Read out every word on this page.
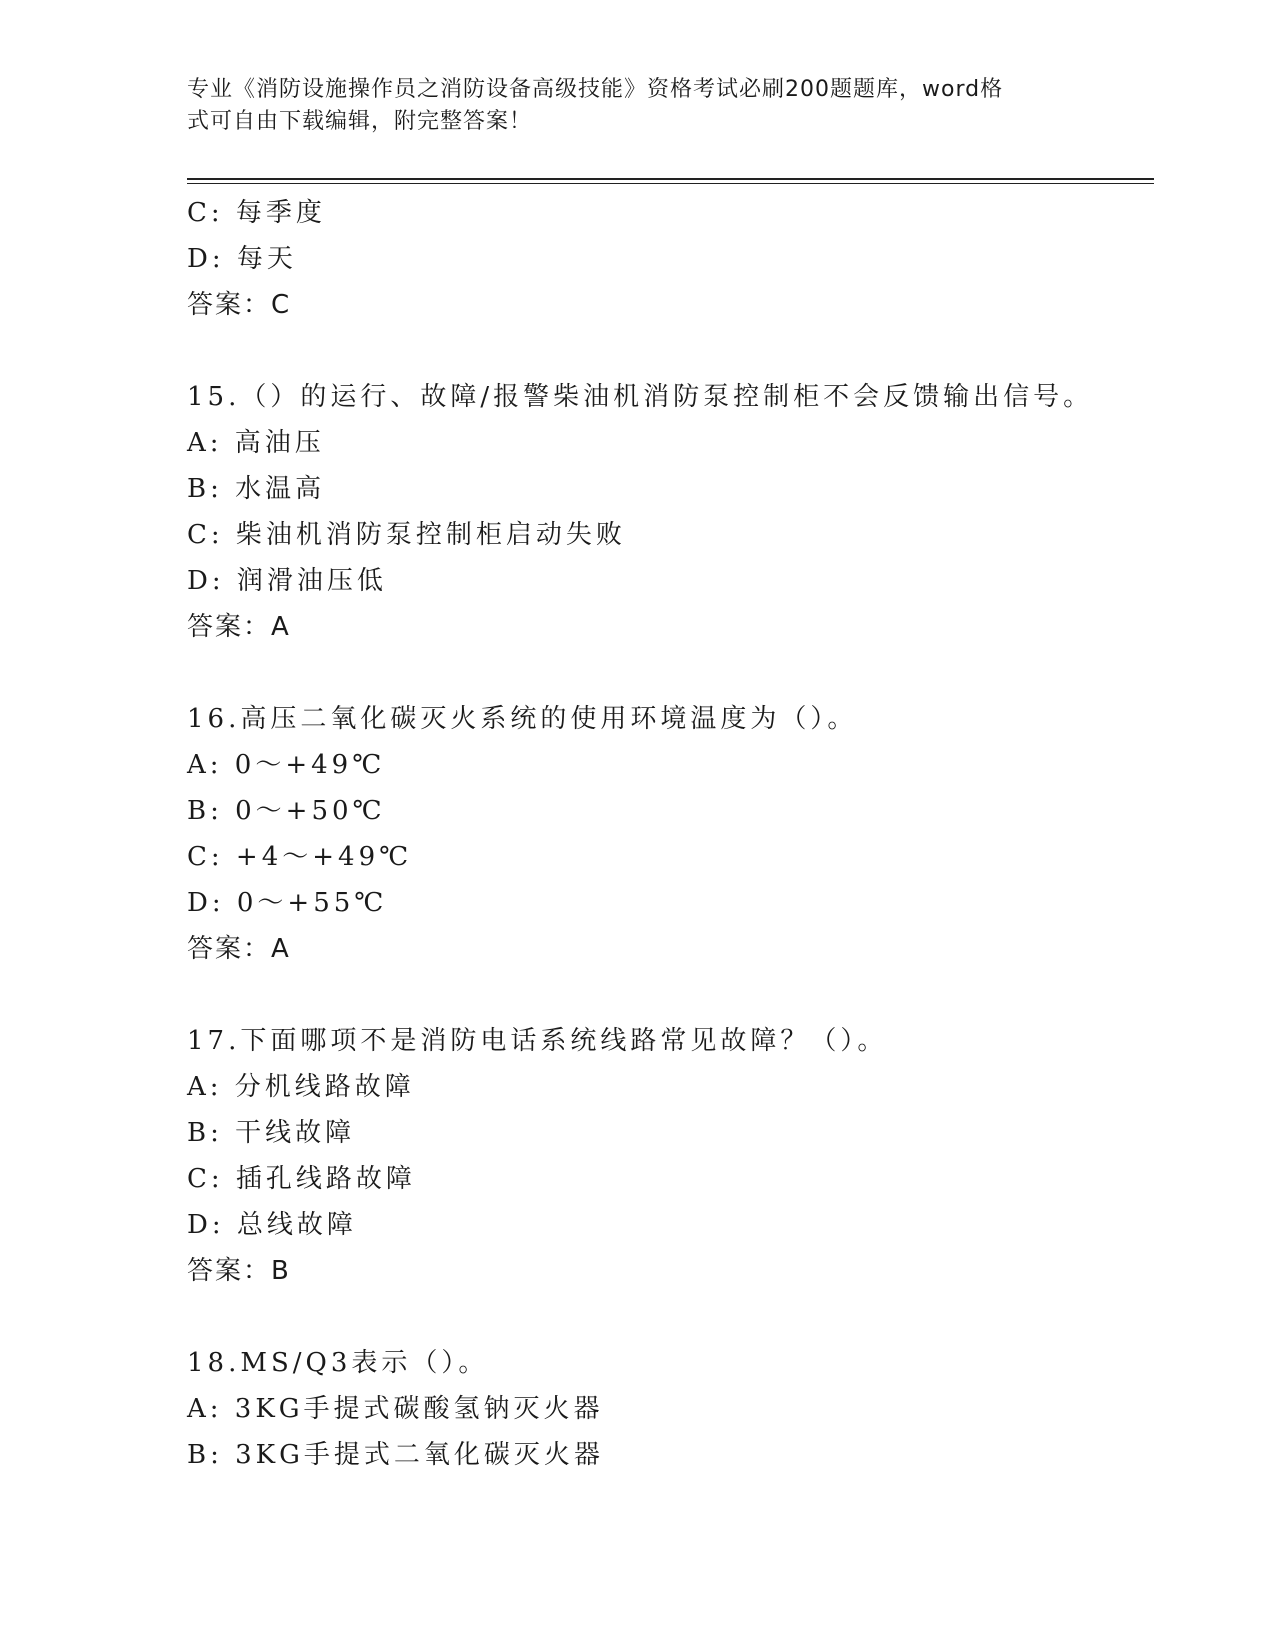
专业《消防设施操作员之消防设备高级技能》资格考试必刷200题题库，word格
式可自由下载编辑，附完整答案！
C: 每季度
D: 每天
答案：C
15.（）的运行、故障/报警柴油机消防泵控制柜不会反馈输出信号。
A: 高油压
B: 水温高
C: 柴油机消防泵控制柜启动失败
D: 润滑油压低
答案：A
16.高压二氧化碳灭火系统的使用环境温度为（）。
A: 0～+49℃
B: 0～+50℃
C: +4～+49℃
D: 0～+55℃
答案：A
17.下面哪项不是消防电话系统线路常见故障？（）。
A: 分机线路故障
B: 干线故障
C: 插孔线路故障
D: 总线故障
答案：B
18.MS/Q3表示（）。
A: 3KG手提式碳酸氢钠灭火器
B: 3KG手提式二氧化碳灭火器
